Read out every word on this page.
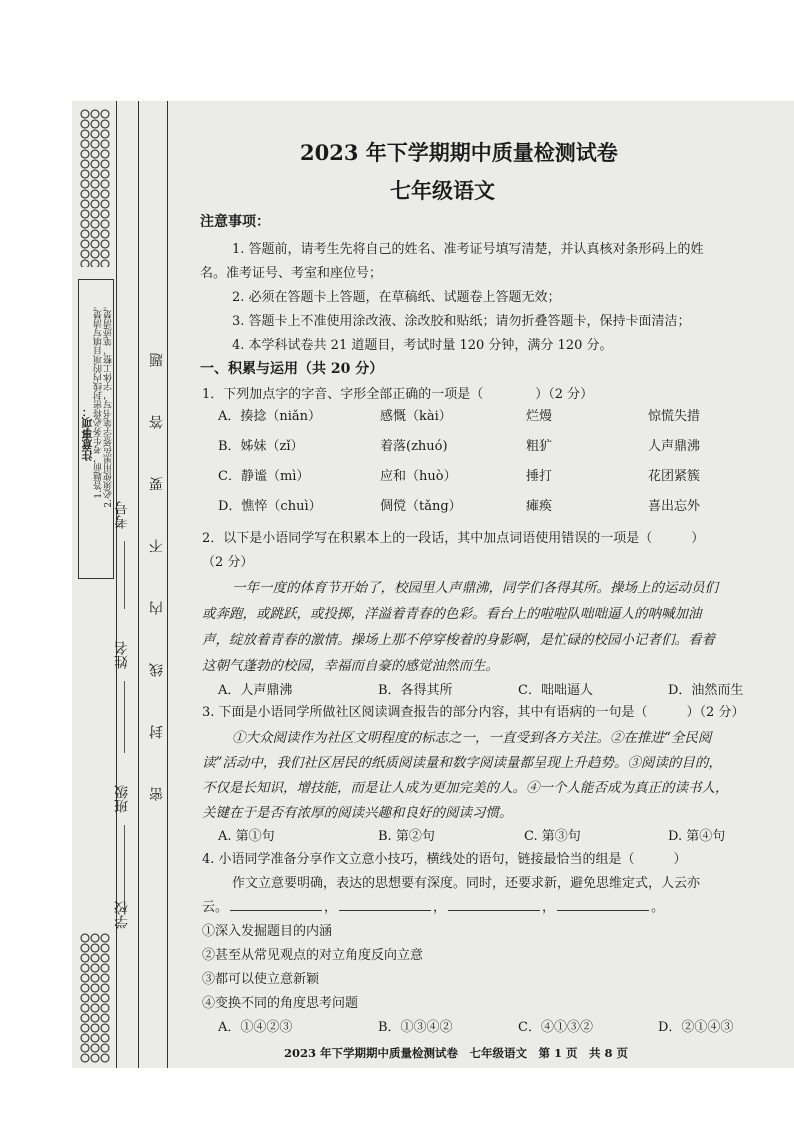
注意事项： 1.答题前，考生务必将密封线内的项目填写清楚。 2.必须使用黑色签字笔书写，字体工整、笔迹清楚。
考号
姓名
班级
学校
题
答
要
不
内
线
封
密
2023 年下学期期中质量检测试卷
七年级语文
注意事项：
1. 答题前，请考生先将自己的姓名、准考证号填写清楚，并认真核对条形码上的姓
名。准考证号、考室和座位号；
2. 必须在答题卡上答题，在草稿纸、试题卷上答题无效；
3. 答题卡上不准使用涂改液、涂改胶和贴纸；请勿折叠答题卡，保持卡面清洁；
4. 本学科试卷共 21 道题目，考试时量 120 分钟，满分 120 分。
一、积累与运用（共 20 分）
1．下列加点字的字音、字形全部正确的一项是（　　　　）（2 分）
A．揍捻（niǎn）	感慨（kài）	烂熳	惊慌失措
B．姊妹（zǐ）	着落(zhuó)	粗犷	人声鼎沸
C．静谧（mì）	应和（huò）	捶打	花团紧簇
D．憔悴（chuì）	倜傥（tǎng）	瘫痪	喜出忘外
2．以下是小语同学写在积累本上的一段话，其中加点词语使用错误的一项是（　　　）
（2 分）
一年一度的体育节开始了，校园里人声鼎沸，同学们各得其所。操场上的运动员们
或奔跑，或跳跃，或投掷，洋溢着青春的色彩。看台上的啦啦队咄咄逼人的呐喊加油
声，绽放着青春的激情。操场上那不停穿梭着的身影啊，是忙碌的校园小记者们。看着
这朝气蓬勃的校园，幸福而自豪的感觉油然而生。
A．人声鼎沸	B．各得其所	C．咄咄逼人	D．油然而生
3. 下面是小语同学所做社区阅读调查报告的部分内容，其中有语病的一句是（　　　）（2 分）
①大众阅读作为社区文明程度的标志之一，一直受到各方关注。②在推进“全民阅
读”活动中，我们社区居民的纸质阅读量和数字阅读量都呈现上升趋势。③阅读的目的，
不仅是长知识，增技能，而是让人成为更加完美的人。④一个人能否成为真正的读书人，
关键在于是否有浓厚的阅读兴趣和良好的阅读习惯。
A. 第①句	B. 第②句	C. 第③句	D. 第④句
4. 小语同学准备分享作文立意小技巧，横线处的语句，链接最恰当的组是（　　　）
作文立意要明确，表达的思想要有深度。同时，还要求新，避免思维定式，人云亦
云。	，	，	，	。
①深入发掘题目的内涵
②甚至从常见观点的对立角度反向立意
③都可以使立意新颖
④变换不同的角度思考问题
A．①④②③	B．①③④②	C．④①③②	D．②①④③
2023 年下学期期中质量检测试卷　七年级语文　第 1 页　共 8 页
